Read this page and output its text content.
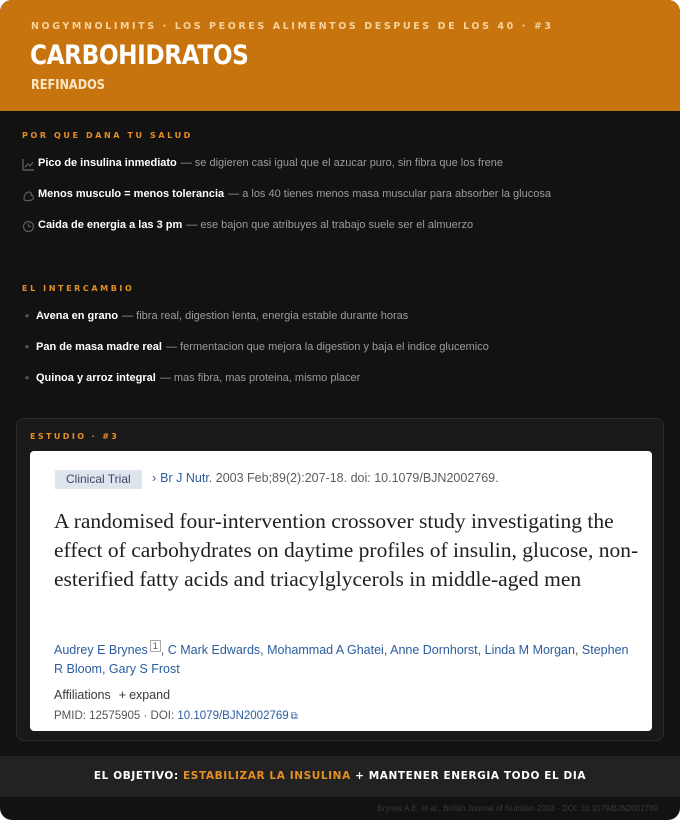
NOGYMNOLIMITS · LOS PEORES ALIMENTOS DESPUES DE LOS 40 · #3
CARBOHIDRATOS
REFINADOS
POR QUE DANA TU SALUD
Pico de insulina inmediato — se digieren casi igual que el azucar puro, sin fibra que los frene
Menos musculo = menos tolerancia — a los 40 tienes menos masa muscular para absorber la glucosa
Caida de energia a las 3 pm — ese bajon que atribuyes al trabajo suele ser el almuerzo
EL INTERCAMBIO
● Avena en grano — fibra real, digestion lenta, energia estable durante horas
● Pan de masa madre real — fermentacion que mejora la digestion y baja el indice glucemico
● Quinoa y arroz integral — mas fibra, mas proteina, mismo placer
ESTUDIO · #3
Clinical Trial	› Br J Nutr. 2003 Feb;89(2):207-18. doi: 10.1079/BJN2002769.
A randomised four-intervention crossover study investigating the effect of carbohydrates on daytime profiles of insulin, glucose, non-esterified fatty acids and triacylglycerols in middle-aged men
Audrey E Brynes $^1$ , C Mark Edwards, Mohammad A Ghatei, Anne Dornhorst, Linda M Morgan, Stephen R Bloom, Gary S Frost
Affiliations + expand
PMID: 12575905 · DOI: 10.1079/BJN2002769 ⧉
EL OBJETIVO: ESTABILIZAR LA INSULINA + MANTENER ENERGIA TODO EL DIA
Brynes A.E. et al., British Journal of Nutrition 2003 · DOI: 10.1079/BJN2002769
